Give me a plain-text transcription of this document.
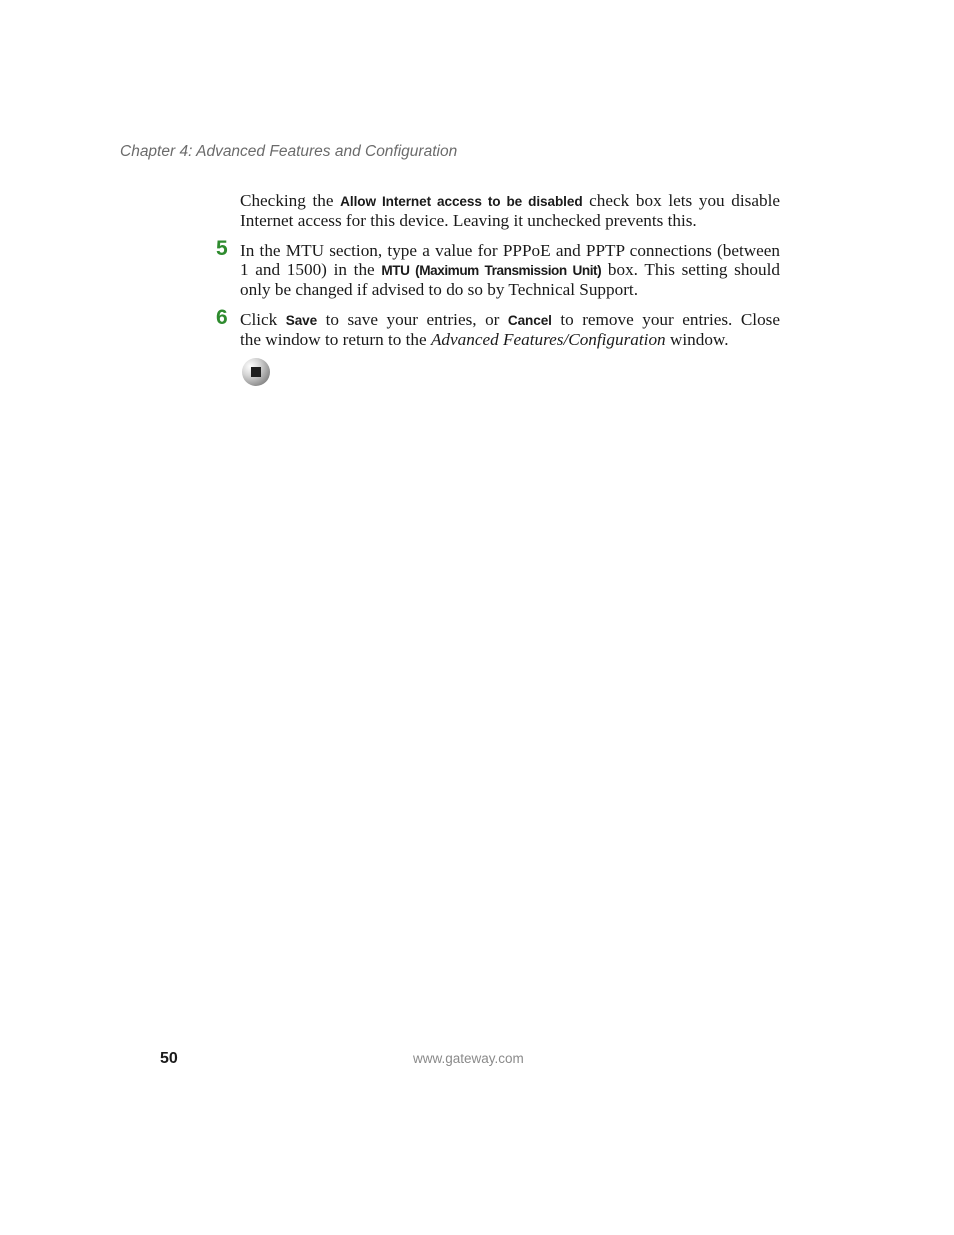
Chapter 4: Advanced Features and Configuration
Checking the Allow Internet access to be disabled check box lets you disable
Internet access for this device. Leaving it unchecked prevents this.
5 In the MTU section, type a value for PPPoE and PPTP connections (between
1 and 1500) in the MTU (Maximum Transmission Unit) box. This setting should
only be changed if advised to do so by Technical Support.
6 Click Save to save your entries, or Cancel to remove your entries. Close
the window to return to the Advanced Features/Configuration window.
50	www.gateway.com
